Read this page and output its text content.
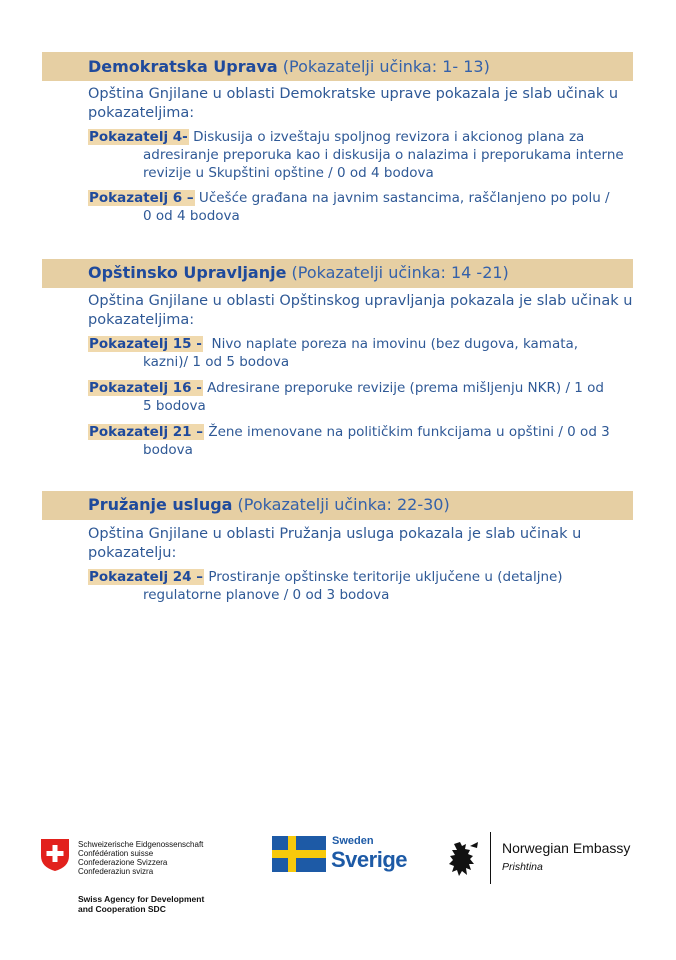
Demokratska Uprava (Pokazatelji učinka: 1- 13)
Opština Gnjilane u oblasti Demokratske uprave pokazala je slab učinak u pokazateljima:
Pokazatelj 4- Diskusija o izveštaju spoljnog revizora i akcionog plana za
adresiranje preporuka kao i diskusija o nalazima i preporukama interne revizije u Skupštini opštine / 0 od 4 bodova
Pokazatelj 6 – Učešće građana na javnim sastancima, raščlanjeno po polu /
0 od 4 bodova
Opštinsko Upravljanje (Pokazatelji učinka: 14 -21)
Opština Gnjilane u oblasti Opštinskog upravljanja pokazala je slab učinak u pokazateljima:
Pokazatelj 15 -  Nivo naplate poreza na imovinu (bez dugova, kamata,
kazni)/ 1 od 5 bodova
Pokazatelj 16 - Adresirane preporuke revizije (prema mišljenju NKR) / 1 od
5 bodova
Pokazatelj 21 – Žene imenovane na političkim funkcijama u opštini / 0 od 3
bodova
Pružanje usluga (Pokazatelji učinka: 22-30)
Opština Gnjilane u oblasti Pružanja usluga pokazala je slab učinak u pokazatelju:
Pokazatelj 24 – Prostiranje opštinske teritorije uključene u (detaljne)
regulatorne planove / 0 od 3 bodova
Schweizerische Eidgenossenschaft
Confédération suisse
Confederazione Svizzera
Confederaziun svizra
Swiss Agency for Development
and Cooperation SDC
Sweden
Sverige	Norwegian Embassy
Prishtina
